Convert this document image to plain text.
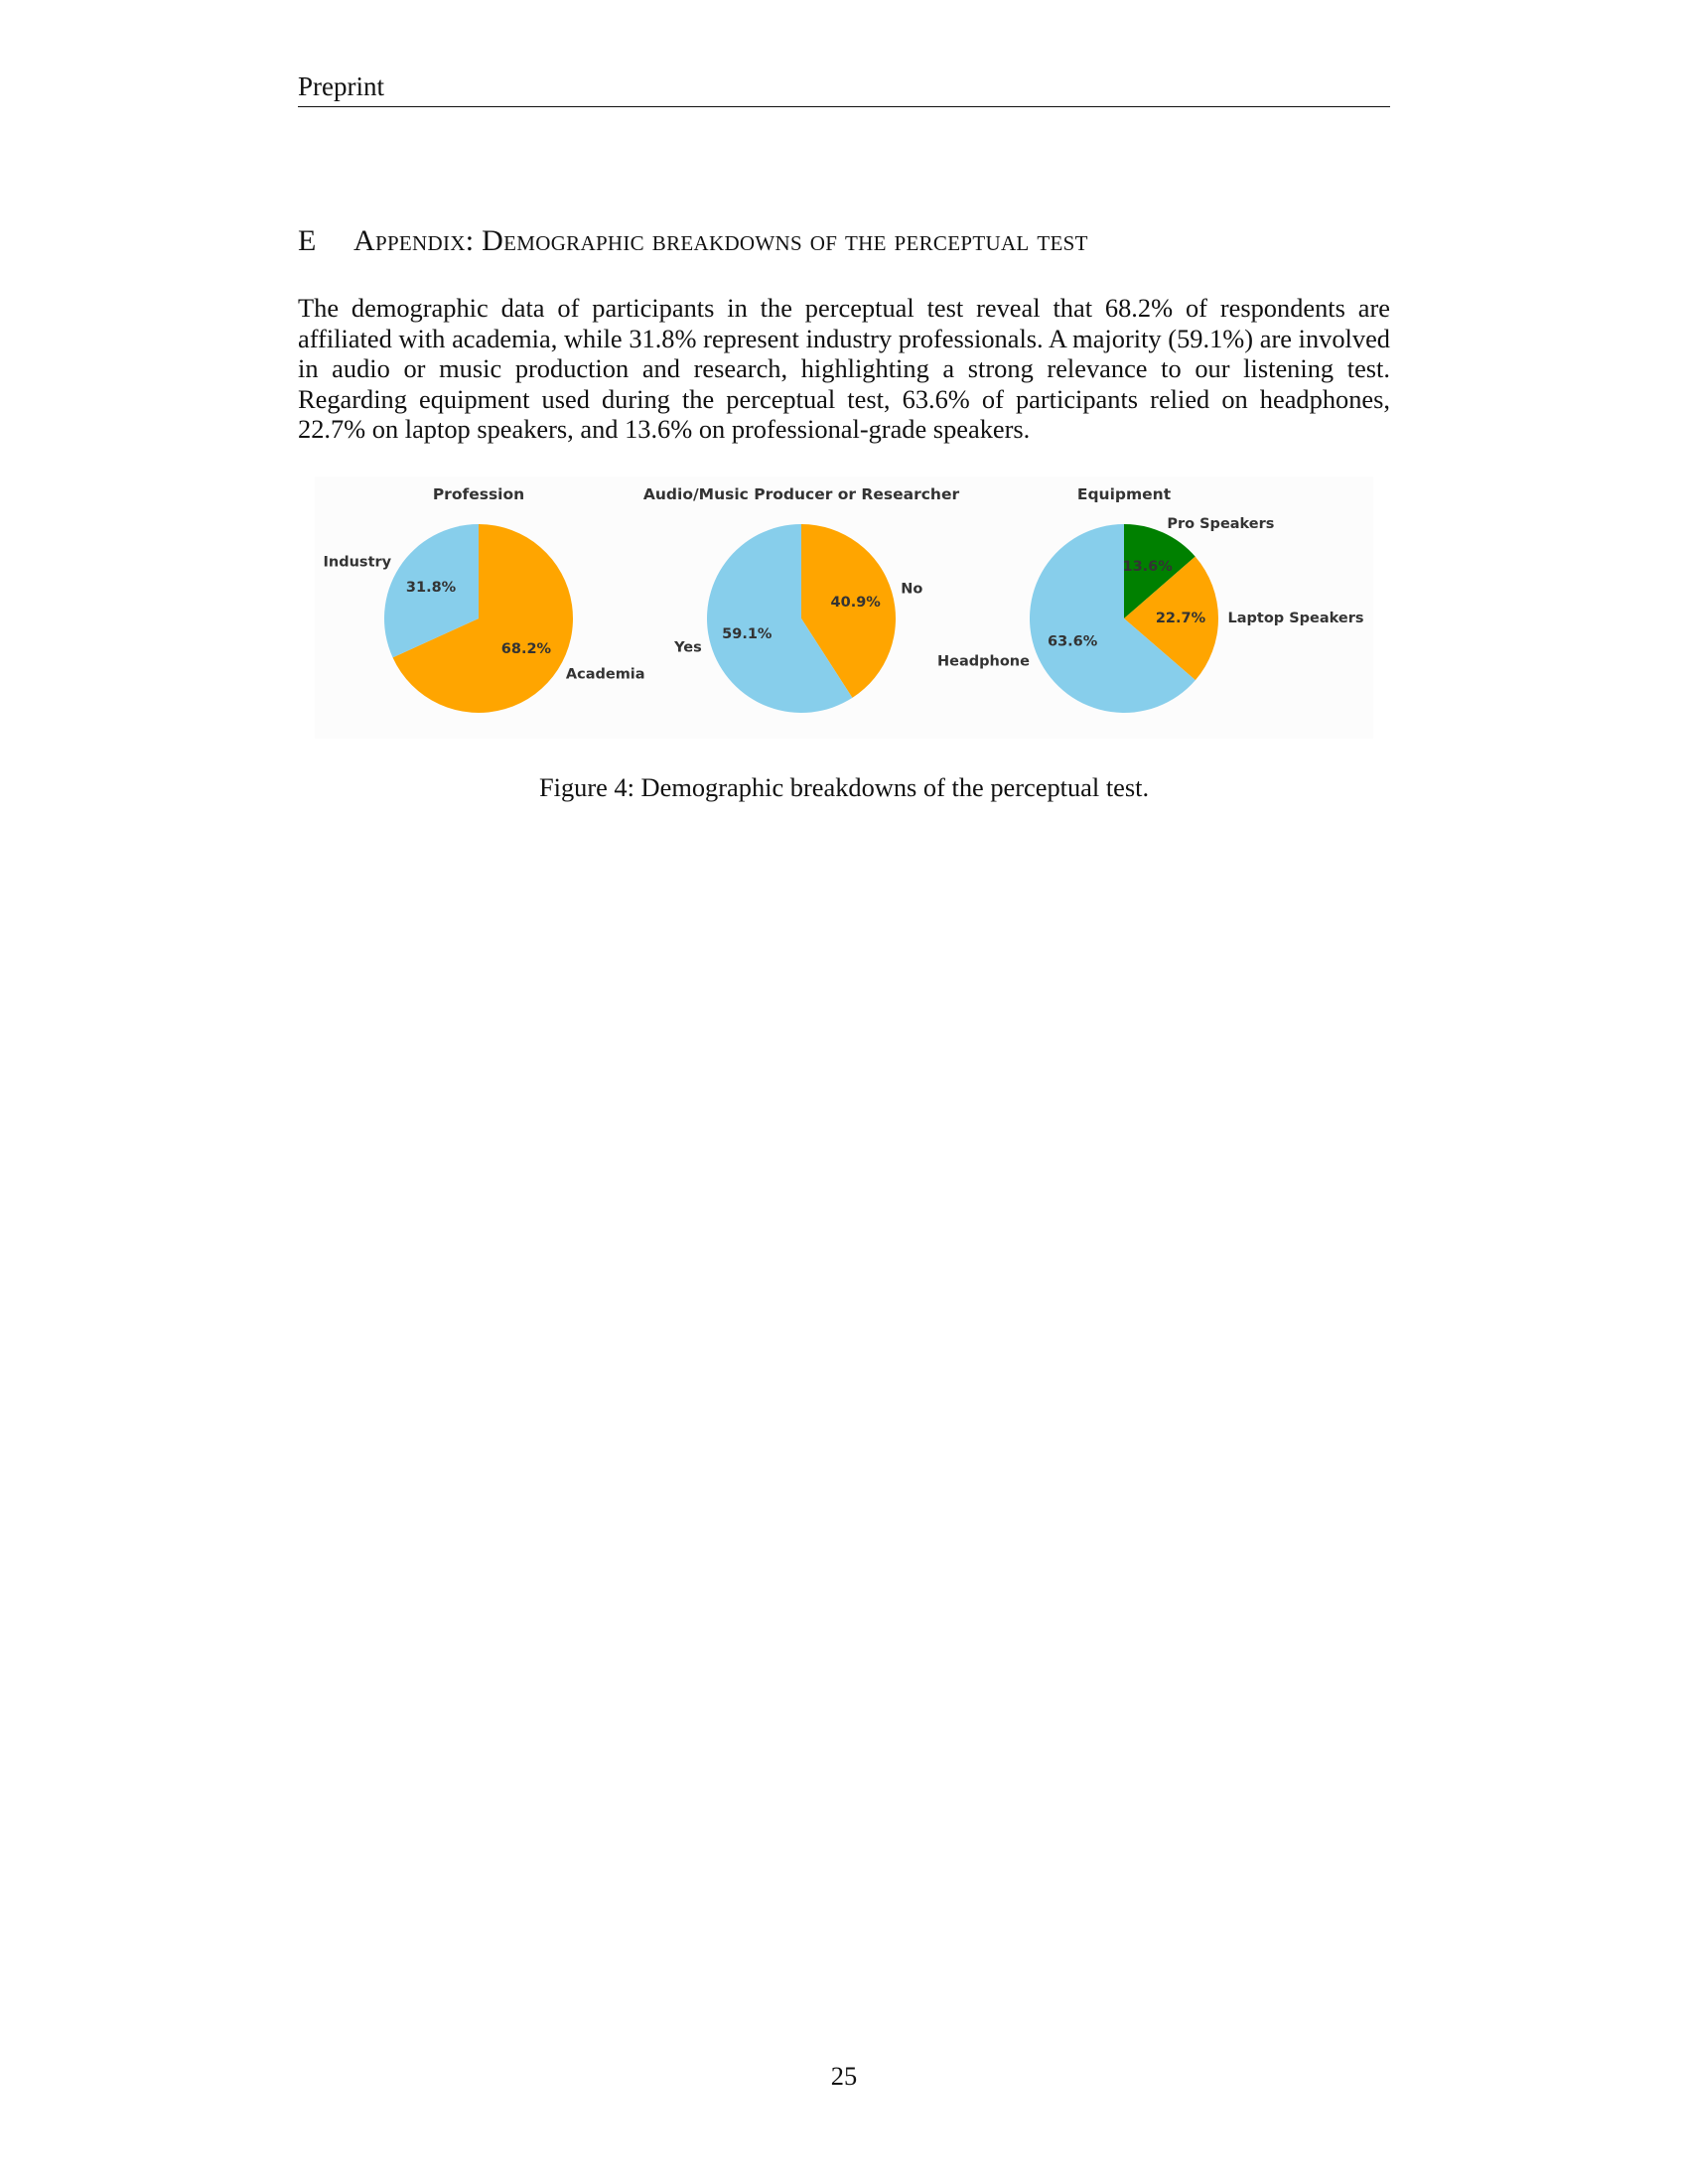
Preprint
E Appendix: Demographic breakdowns of the perceptual test
The demographic data of participants in the perceptual test reveal that 68.2% of respondents are affiliated with academia, while 31.8% represent industry professionals. A majority (59.1%) are involved in audio or music production and research, highlighting a strong relevance to our listening test. Regarding equipment used during the perceptual test, 63.6% of participants relied on headphones, 22.7% on laptop speakers, and 13.6% on professional-grade speakers.
Academia
68.2%
Industry
31.8%
Profession
No
40.9%
Yes
59.1%
Audio/Music Producer or Researcher
Pro Speakers
13.6%
Laptop Speakers
22.7%
Headphone
63.6%
Equipment
Figure 4: Demographic breakdowns of the perceptual test.
25
